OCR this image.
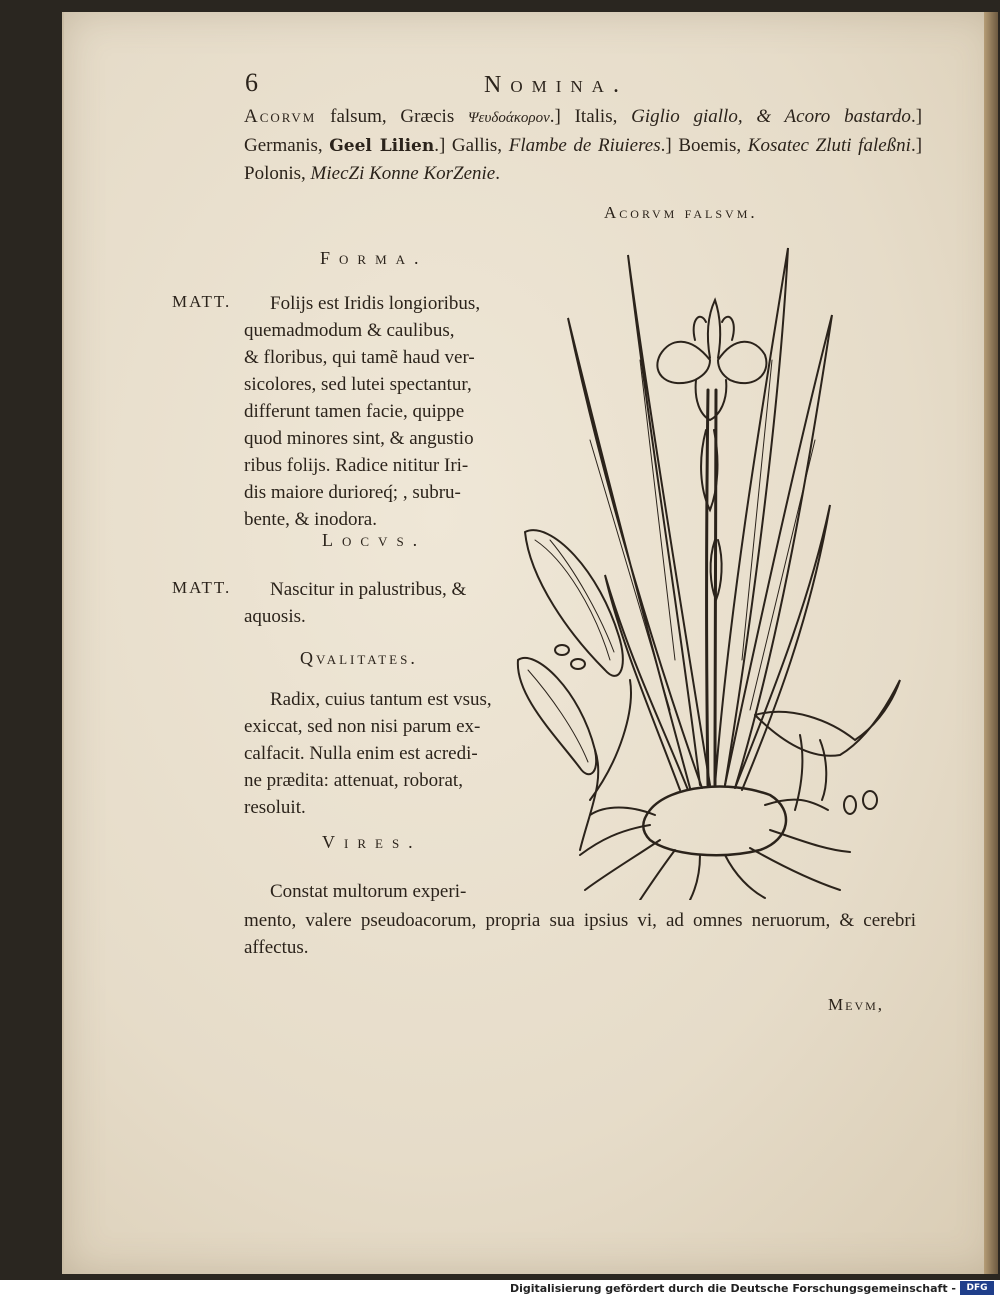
6	Nomina.
Acorvm falsum, Græcis Ψευδοάκορον.] Italis, Giglio giallo, & Acoro bastardo.] Germanis, Geel Lilien.] Gallis, Flambe de Riuieres.] Boemis, Kosatec Zluti faleßni.] Polonis, MiecZi Konne KorZenie.
Acorvm falsvm.
Forma.
MATT.	Folijs est Iridis longioribus,
quemadmodum & caulibus,
& floribus, qui tamẽ haud ver-
sicolores, sed lutei spectantur,
differunt tamen facie, quippe
quod minores sint, & angustio
ribus folijs. Radice nititur Iri-
dis maiore durioreq́; , subru-
bente, & inodora.
Locvs.
MATT.	Nascitur in palustribus, &
aquosis.
Qvalitates.
Radix, cuius tantum est vsus,
exiccat, sed non nisi parum ex-
calfacit. Nulla enim est acredi-
ne prædita: attenuat, roborat,
resoluit.
Vires.
Constat multorum experi-
mento, valere pseudoacorum, propria sua ipsius vi, ad omnes neruorum, & cerebri affectus.
Mevm,
Digitalisierung gefördert durch die Deutsche Forschungsgemeinschaft -	DFG
